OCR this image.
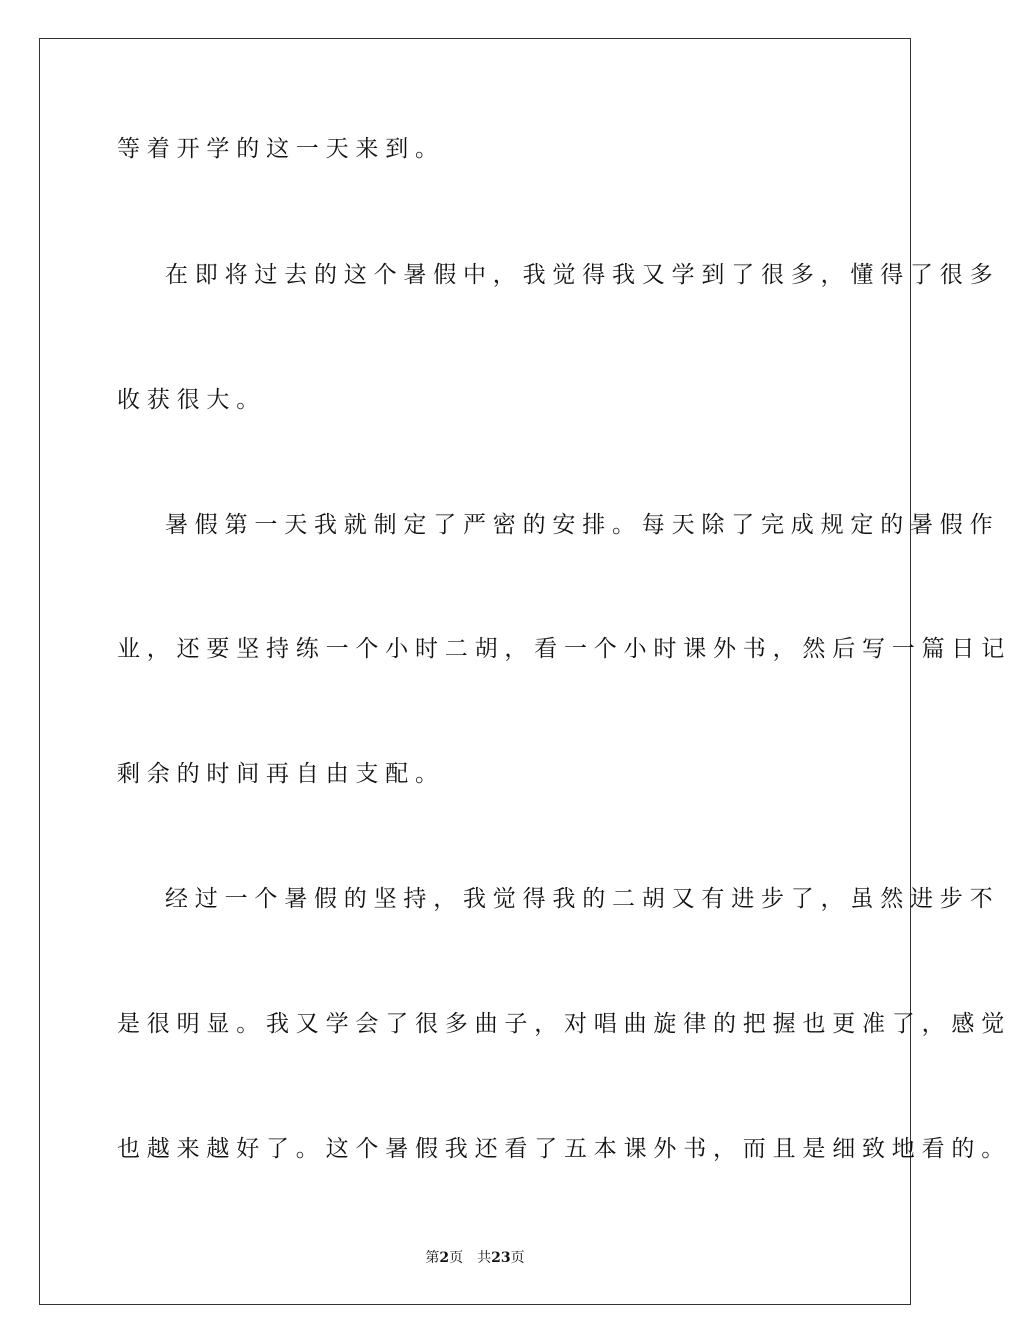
等着开学的这一天来到。
在即将过去的这个暑假中，我觉得我又学到了很多，懂得了很多
收获很大。
暑假第一天我就制定了严密的安排。每天除了完成规定的暑假作
业，还要坚持练一个小时二胡，看一个小时课外书，然后写一篇日记
剩余的时间再自由支配。
经过一个暑假的坚持，我觉得我的二胡又有进步了，虽然进步不
是很明显。我又学会了很多曲子，对唱曲旋律的把握也更准了，感觉
也越来越好了。这个暑假我还看了五本课外书，而且是细致地看的。
第2页 共23页
